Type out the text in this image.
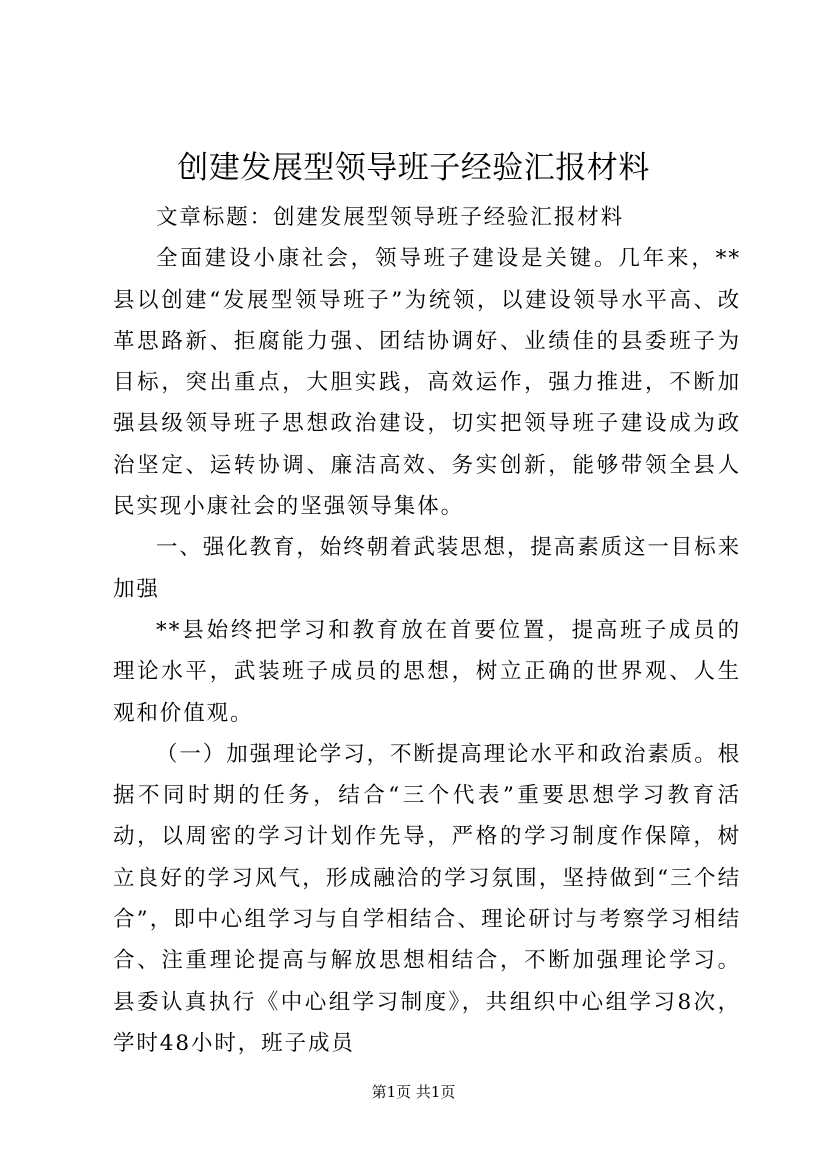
创建发展型领导班子经验汇报材料

文章标题：创建发展型领导班子经验汇报材料

全面建设小康社会，领导班子建设是关键。几年来，**县以创建“发展型领导班子”为统领，以建设领导水平高、改革思路新、拒腐能力强、团结协调好、业绩佳的县委班子为目标，突出重点，大胆实践，高效运作，强力推进，不断加强县级领导班子思想政治建设，切实把领导班子建设成为政治坚定、运转协调、廉洁高效、务实创新，能够带领全县人民实现小康社会的坚强领导集体。

一、强化教育，始终朝着武装思想，提高素质这一目标来加强

**县始终把学习和教育放在首要位置，提高班子成员的理论水平，武装班子成员的思想，树立正确的世界观、人生观和价值观。

（一）加强理论学习，不断提高理论水平和政治素质。根据不同时期的任务，结合“三个代表”重要思想学习教育活动，以周密的学习计划作先导，严格的学习制度作保障，树立良好的学习风气，形成融洽的学习氛围，坚持做到“三个结合”，即中心组学习与自学相结合、理论研讨与考察学习相结合、注重理论提高与解放思想相结合，不断加强理论学习。县委认真执行《中心组学习制度》，共组织中心组学习8次，学时48小时，班子成员

第1页 共1页
